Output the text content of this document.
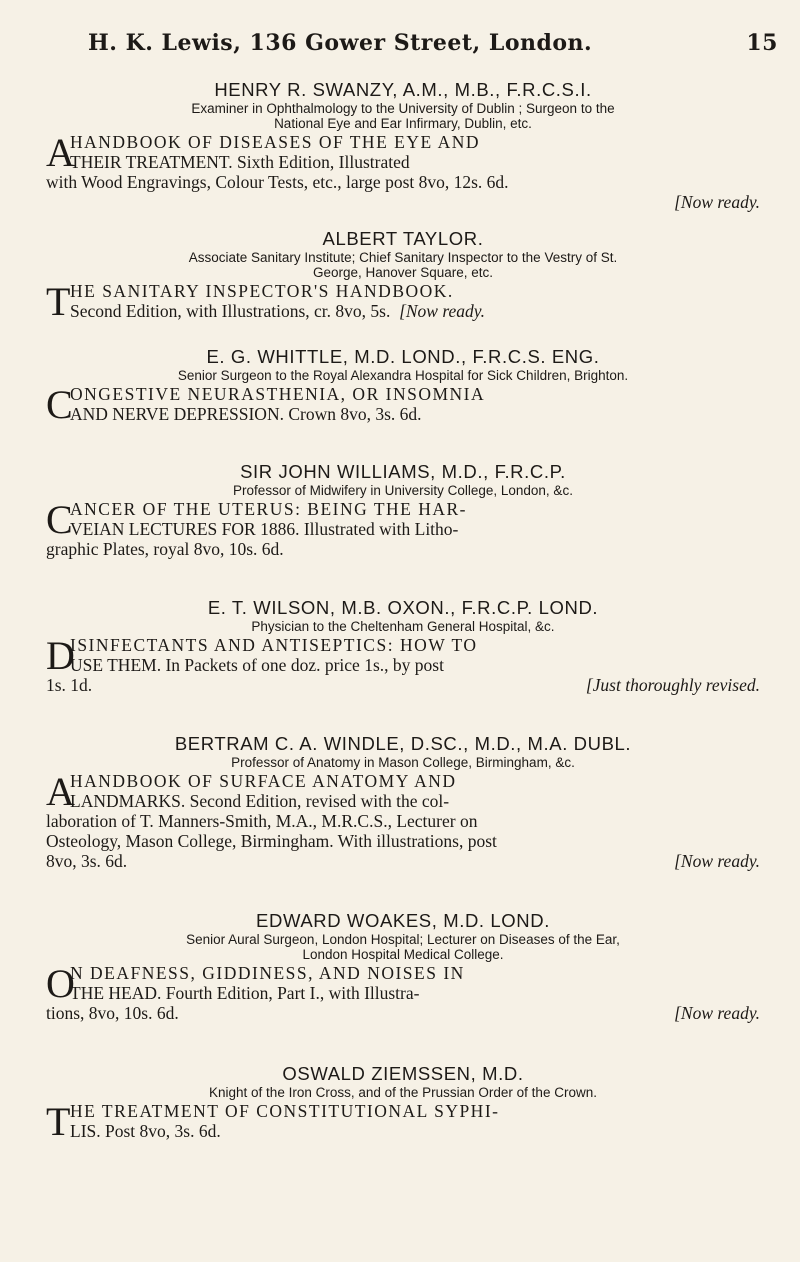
H. K. Lewis, 136 Gower Street, London.	15
HENRY R. SWANZY, A.M., M.B., F.R.C.S.I.
Examiner in Ophthalmology to the University of Dublin ; Surgeon to the
National Eye and Ear Infirmary, Dublin, etc.
A
HANDBOOK OF DISEASES OF THE EYE AND
THEIR TREATMENT. Sixth Edition, Illustrated
with Wood Engravings, Colour Tests, etc., large post 8vo, 12s. 6d.
[Now ready.

ALBERT TAYLOR.
Associate Sanitary Institute; Chief Sanitary Inspector to the Vestry of St.
George, Hanover Square, etc.
T HE SANITARY INSPECTOR'S HANDBOOK.
Second Edition, with Illustrations, cr. 8vo, 5s. [Now ready.
E. G. WHITTLE, M.D. LOND., F.R.C.S. ENG.
Senior Surgeon to the Royal Alexandra Hospital for Sick Children, Brighton.
C
ONGESTIVE NEURASTHENIA, OR INSOMNIA
AND NERVE DEPRESSION. Crown 8vo, 3s. 6d.
SIR JOHN WILLIAMS, M.D., F.R.C.P.
Professor of Midwifery in University College, London, &c.
C
ANCER OF THE UTERUS: BEING THE HAR-
VEIAN LECTURES FOR 1886. Illustrated with Litho-
graphic Plates, royal 8vo, 10s. 6d.
E. T. WILSON, M.B. OXON., F.R.C.P. LOND.
Physician to the Cheltenham General Hospital, &c.
D
ISINFECTANTS AND ANTISEPTICS: HOW TO
USE THEM. In Packets of one doz. price 1s., by post
1s. 1d.	[Just thoroughly revised.
BERTRAM C. A. WINDLE, D.SC., M.D., M.A. DUBL.
Professor of Anatomy in Mason College, Birmingham, &c.
A
HANDBOOK OF SURFACE ANATOMY AND
LANDMARKS. Second Edition, revised with the col-
laboration of T. Manners-Smith, M.A., M.R.C.S., Lecturer on
Osteology, Mason College, Birmingham. With illustrations, post
8vo, 3s. 6d.	[Now ready.
EDWARD WOAKES, M.D. LOND.
Senior Aural Surgeon, London Hospital; Lecturer on Diseases of the Ear,
London Hospital Medical College.
O
N DEAFNESS, GIDDINESS, AND NOISES IN
THE HEAD. Fourth Edition, Part I., with Illustra-
tions, 8vo, 10s. 6d.	[Now ready.
OSWALD ZIEMSSEN, M.D.
Knight of the Iron Cross, and of the Prussian Order of the Crown.
T HE TREATMENT OF CONSTITUTIONAL SYPHI-
LIS. Post 8vo, 3s. 6d.
